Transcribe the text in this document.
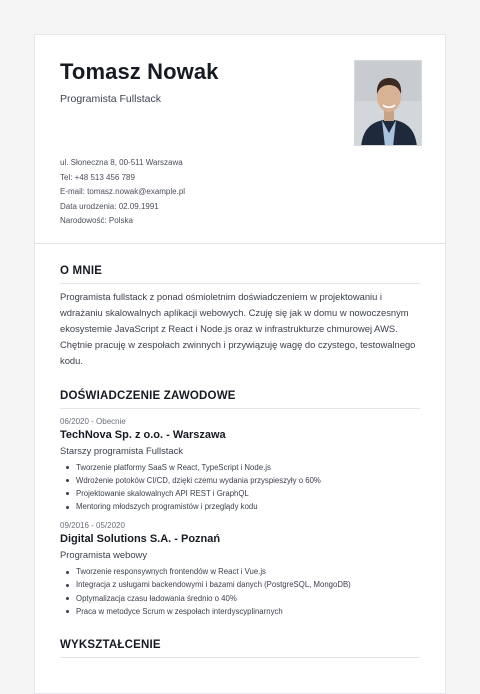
Tomasz Nowak
Programista Fullstack
ul. Słoneczna 8, 00-511 Warszawa
Tel: +48 513 456 789
E-mail: tomasz.nowak@example.pl
Data urodzenia: 02.09.1991
Narodowość: Polska
O MNIE
Programista fullstack z ponad ośmioletnim doświadczeniem w projektowaniu i wdrażaniu skalowalnych aplikacji webowych. Czuję się jak w domu w nowoczesnym ekosystemie JavaScript z React i Node.js oraz w infrastrukturze chmurowej AWS. Chętnie pracuję w zespołach zwinnych i przywiązuję wagę do czystego, testowalnego kodu.
DOŚWIADCZENIE ZAWODOWE
06/2020 - Obecnie
TechNova Sp. z o.o. - Warszawa
Starszy programista Fullstack
Tworzenie platformy SaaS w React, TypeScript i Node.js
Wdrożenie potoków CI/CD, dzięki czemu wydania przyspieszyły o 60%
Projektowanie skalowalnych API REST i GraphQL
Mentoring młodszych programistów i przeglądy kodu
09/2016 - 05/2020
Digital Solutions S.A. - Poznań
Programista webowy
Tworzenie responsywnych frontendów w React i Vue.js
Integracja z usługami backendowymi i bazami danych (PostgreSQL, MongoDB)
Optymalizacja czasu ładowania średnio o 40%
Praca w metodyce Scrum w zespołach interdyscyplinarnych
WYKSZTAŁCENIE
